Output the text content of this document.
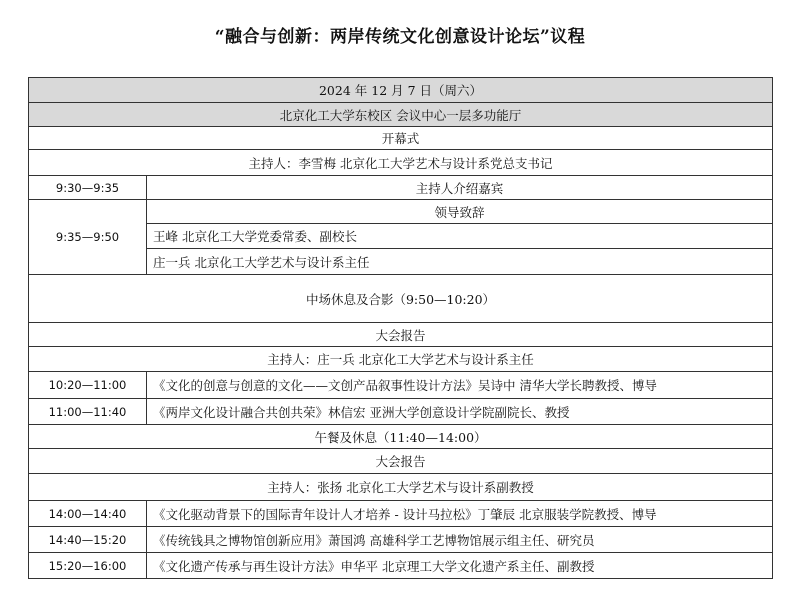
“融合与创新：两岸传统文化创意设计论坛”议程
2024 年 12 月 7 日（周六）	
北京化工大学东校区 会议中心一层多功能厅	
开幕式	
主持人：李雪梅 北京化工大学艺术与设计系党总支书记	
9:30—9:35	主持人介绍嘉宾
9:35—9:50	领导致辞
	王峰 北京化工大学党委常委、副校长
	庄一兵 北京化工大学艺术与设计系主任
中场休息及合影（9:50—10:20）	
大会报告	
主持人：庄一兵 北京化工大学艺术与设计系主任	
10:20—11:00	《文化的创意与创意的文化——文创产品叙事性设计方法》吴诗中 清华大学长聘教授、博导
11:00—11:40	《两岸文化设计融合共创共荣》林信宏 亚洲大学创意设计学院副院长、教授
午餐及休息（11:40—14:00）	
大会报告	
主持人：张扬 北京化工大学艺术与设计系副教授	
14:00—14:40	《文化驱动背景下的国际青年设计人才培养 - 设计马拉松》丁肇辰 北京服装学院教授、博导
14:40—15:20	《传统钱具之博物馆创新应用》萧国鸿 高雄科学工艺博物馆展示组主任、研究员
15:20—16:00	《文化遗产传承与再生设计方法》申华平 北京理工大学文化遗产系主任、副教授
